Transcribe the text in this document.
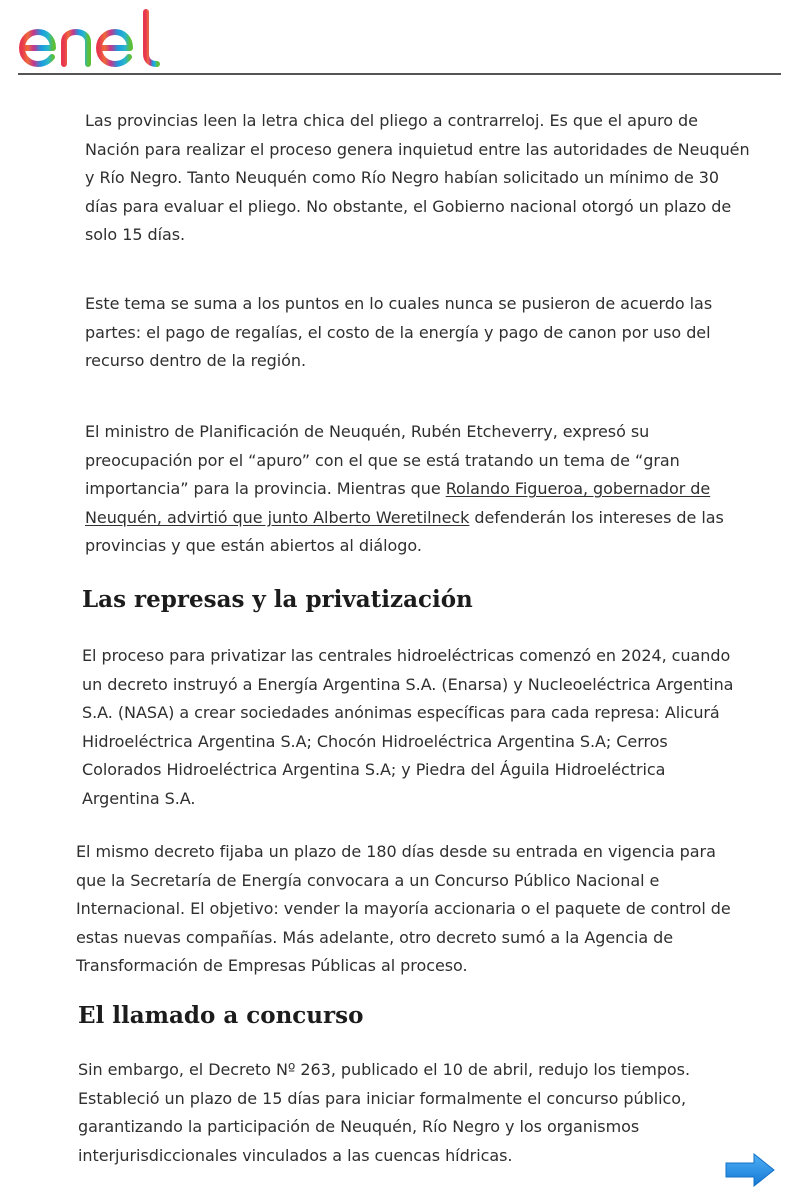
Las provincias leen la letra chica del pliego a contrarreloj. Es que el apuro de Nación para realizar el proceso genera inquietud entre las autoridades de Neuquén y Río Negro. Tanto Neuquén como Río Negro habían solicitado un mínimo de 30 días para evaluar el pliego. No obstante, el Gobierno nacional otorgó un plazo de solo 15 días.

Este tema se suma a los puntos en lo cuales nunca se pusieron de acuerdo las partes: el pago de regalías, el costo de la energía y pago de canon por uso del recurso dentro de la región.

El ministro de Planificación de Neuquén, Rubén Etcheverry, expresó su preocupación por el “apuro” con el que se está tratando un tema de “gran importancia” para la provincia. Mientras que Rolando Figueroa, gobernador de Neuquén, advirtió que junto Alberto Weretilneck defenderán los intereses de las provincias y que están abiertos al diálogo.

Las represas y la privatización

El proceso para privatizar las centrales hidroeléctricas comenzó en 2024, cuando un decreto instruyó a Energía Argentina S.A. (Enarsa) y Nucleoeléctrica Argentina S.A. (NASA) a crear sociedades anónimas específicas para cada represa: Alicurá Hidroeléctrica Argentina S.A; Chocón Hidroeléctrica Argentina S.A; Cerros Colorados Hidroeléctrica Argentina S.A; y Piedra del Águila Hidroeléctrica Argentina S.A.

El mismo decreto fijaba un plazo de 180 días desde su entrada en vigencia para que la Secretaría de Energía convocara a un Concurso Público Nacional e Internacional. El objetivo: vender la mayoría accionaria o el paquete de control de estas nuevas compañías. Más adelante, otro decreto sumó a la Agencia de Transformación de Empresas Públicas al proceso.

El llamado a concurso

Sin embargo, el Decreto Nº 263, publicado el 10 de abril, redujo los tiempos. Estableció un plazo de 15 días para iniciar formalmente el concurso público, garantizando la participación de Neuquén, Río Negro y los organismos interjurisdiccionales vinculados a las cuencas hídricas.
